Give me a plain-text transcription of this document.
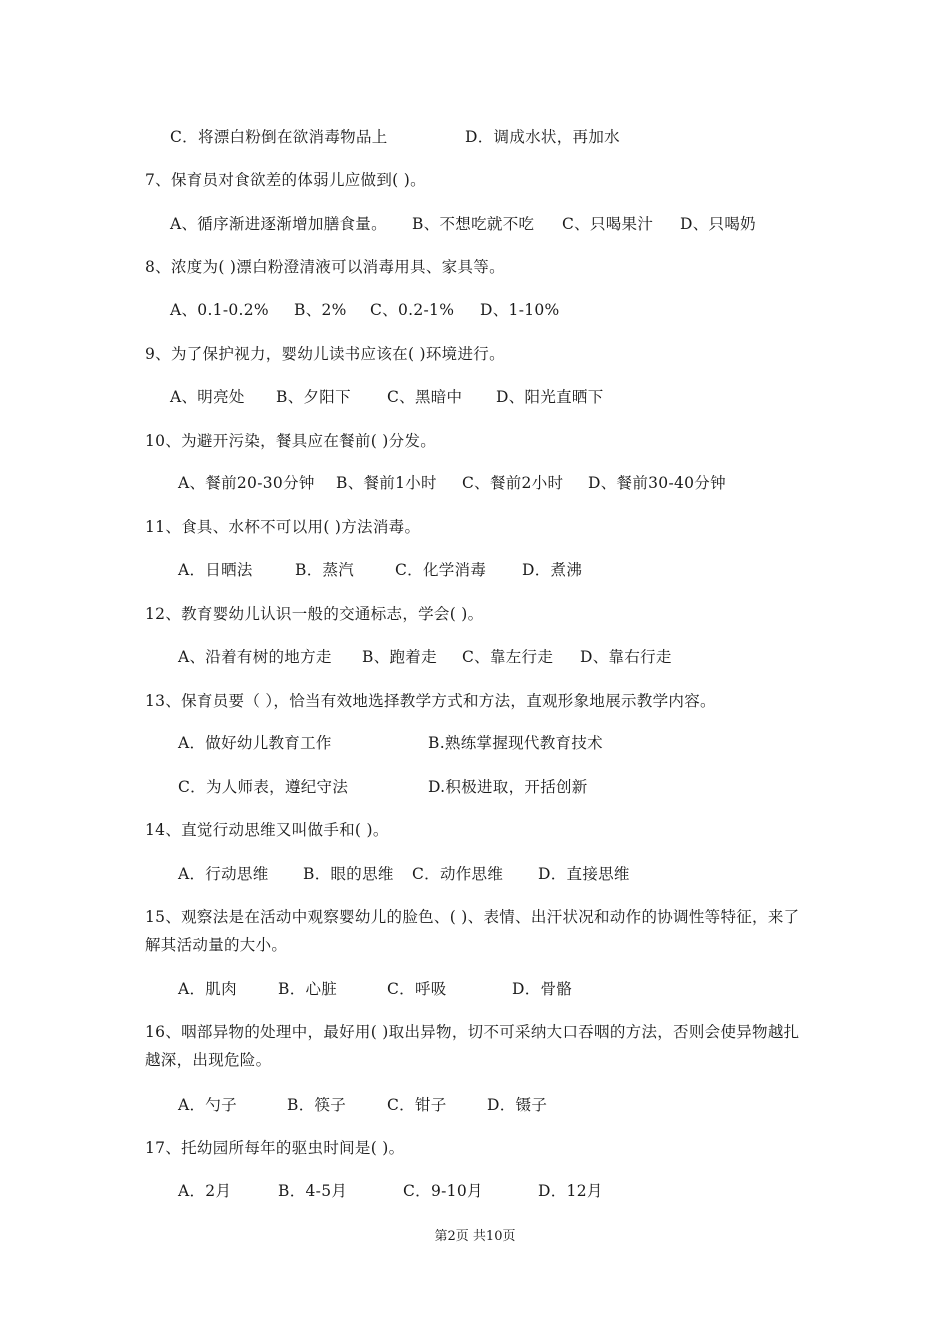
C．将漂白粉倒在欲消毒物品上	D．调成水状，再加水
7、保育员对食欲差的体弱儿应做到( )。
A、循序渐进逐渐增加膳食量。 B、不想吃就不吃 C、只喝果汁 D、只喝奶
8、浓度为( )漂白粉澄清液可以消毒用具、家具等。
A、0.1-0.2% B、2% C、0.2-1% D、1-10%
9、为了保护视力，婴幼儿读书应该在( )环境进行。
A、明亮处 B、夕阳下 C、黑暗中 D、阳光直晒下
10、为避开污染，餐具应在餐前( )分发。
A、餐前20-30分钟 B、餐前1小时 C、餐前2小时 D、餐前30-40分钟
11、食具、水杯不可以用( )方法消毒。
A．日晒法	B．蒸汽	C．化学消毒 D．煮沸
12、教育婴幼儿认识一般的交通标志，学会( )。
A、沿着有树的地方走 B、跑着走 C、靠左行走 D、靠右行走
13、保育员要（ ），恰当有效地选择教学方式和方法，直观形象地展示教学内容。
A．做好幼儿教育工作	B.熟练掌握现代教育技术
C．为人师表，遵纪守法	D.积极进取，开括创新
14、直觉行动思维又叫做手和( )。
A．行动思维 B．眼的思维 C．动作思维 D．直接思维
15、观察法是在活动中观察婴幼儿的脸色、( )、表情、出汗状况和动作的协调性等特征，来了解其活动量的大小。
A．肌肉	B．心脏	C．呼吸	D．骨骼
16、咽部异物的处理中，最好用( )取出异物，切不可采纳大口吞咽的方法，否则会使异物越扎越深，出现危险。
A．勺子	B．筷子	C．钳子	D．镊子
17、托幼园所每年的驱虫时间是( )。
A．2月	B．4-5月	C．9-10月	D．12月
第2页 共10页
